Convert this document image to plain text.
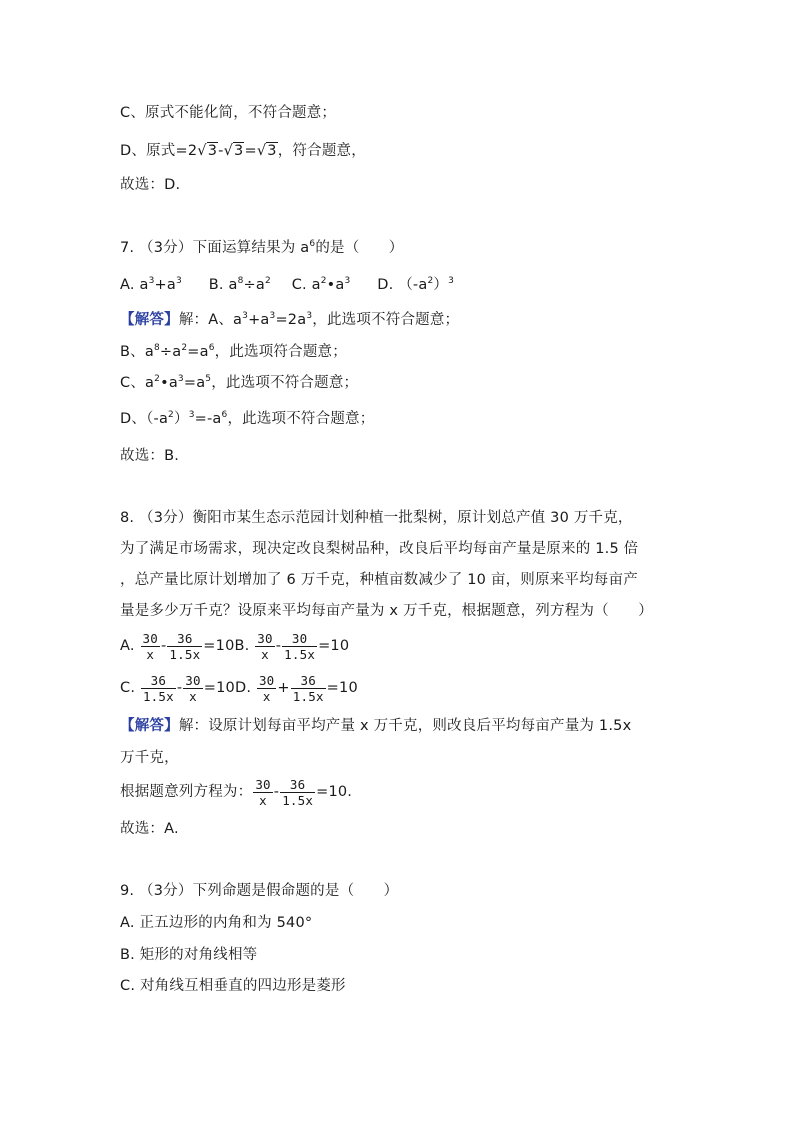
C、原式不能化简，不符合题意；
D、原式=2√3-√3=√3，符合题意，
故选：D.
7. （3分）下面运算结果为 $a^6$的是（　　）
A. $a^3+a^3$ B. $a^8\div a^2$ C. $a^2•a^3$ D. $(-a^2)^3$
【解答】解：A、$a^3+a^3=2a^3$，此选项不符合题意；
B、$a^8\div a^2=a^6$，此选项符合题意；
C、$a^2•a^3=a^5$，此选项不符合题意；
D、$(-a^2)^3=-a^6$，此选项不符合题意；
故选：B.
8. （3分）衡阳市某生态示范园计划种植一批梨树，原计划总产值 30 万千克，
为了满足市场需求，现决定改良梨树品种，改良后平均每亩产量是原来的 1.5 倍
，总产量比原计划增加了 6 万千克，种植亩数减少了 10 亩，则原来平均每亩产
量是多少万千克？设原来平均每亩产量为 x 万千克，根据题意，列方程为（　　）
A. $\frac{30}{x} - \frac{36}{1.5x} =10B$. $\frac{30}{x} - \frac{30}{1.5x} =10$
C. $\frac{36}{1.5x} - \frac{30}{x} =10D$. $\frac{30}{x} + \frac{36}{1.5x} =10$
【解答】解：设原计划每亩平均产量 x 万千克，则改良后平均每亩产量为 1.5x
万千克，
根据题意列方程为： $\frac{30}{x} - \frac{36}{1.5x} =10$.
故选：A.
9. （3分）下列命题是假命题的是（　　）
A. 正五边形的内角和为 540°
B. 矩形的对角线相等
C. 对角线互相垂直的四边形是菱形
